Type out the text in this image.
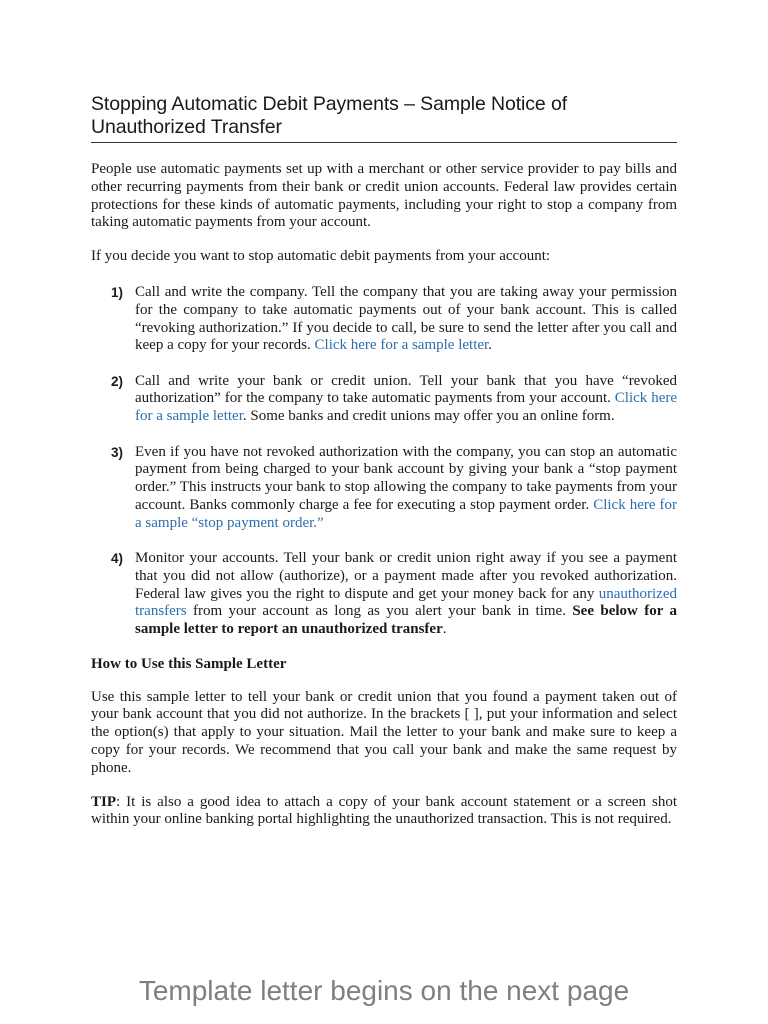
Stopping Automatic Debit Payments – Sample Notice of Unauthorized Transfer

People use automatic payments set up with a merchant or other service provider to pay bills and other recurring payments from their bank or credit union accounts. Federal law provides certain protections for these kinds of automatic payments, including your right to stop a company from taking automatic payments from your account.

If you decide you want to stop automatic debit payments from your account:

1) Call and write the company. Tell the company that you are taking away your permission for the company to take automatic payments out of your bank account. This is called “revoking authorization.” If you decide to call, be sure to send the letter after you call and keep a copy for your records. Click here for a sample letter.

2) Call and write your bank or credit union. Tell your bank that you have “revoked authorization” for the company to take automatic payments from your account. Click here for a sample letter. Some banks and credit unions may offer you an online form.

3) Even if you have not revoked authorization with the company, you can stop an automatic payment from being charged to your bank account by giving your bank a “stop payment order.” This instructs your bank to stop allowing the company to take payments from your account. Banks commonly charge a fee for executing a stop payment order. Click here for a sample “stop payment order.”

4) Monitor your accounts. Tell your bank or credit union right away if you see a payment that you did not allow (authorize), or a payment made after you revoked authorization. Federal law gives you the right to dispute and get your money back for any unauthorized transfers from your account as long as you alert your bank in time. See below for a sample letter to report an unauthorized transfer.

How to Use this Sample Letter

Use this sample letter to tell your bank or credit union that you found a payment taken out of your bank account that you did not authorize. In the brackets [ ], put your information and select the option(s) that apply to your situation. Mail the letter to your bank and make sure to keep a copy for your records. We recommend that you call your bank and make the same request by phone.

TIP: It is also a good idea to attach a copy of your bank account statement or a screen shot within your online banking portal highlighting the unauthorized transaction. This is not required.

Template letter begins on the next page
